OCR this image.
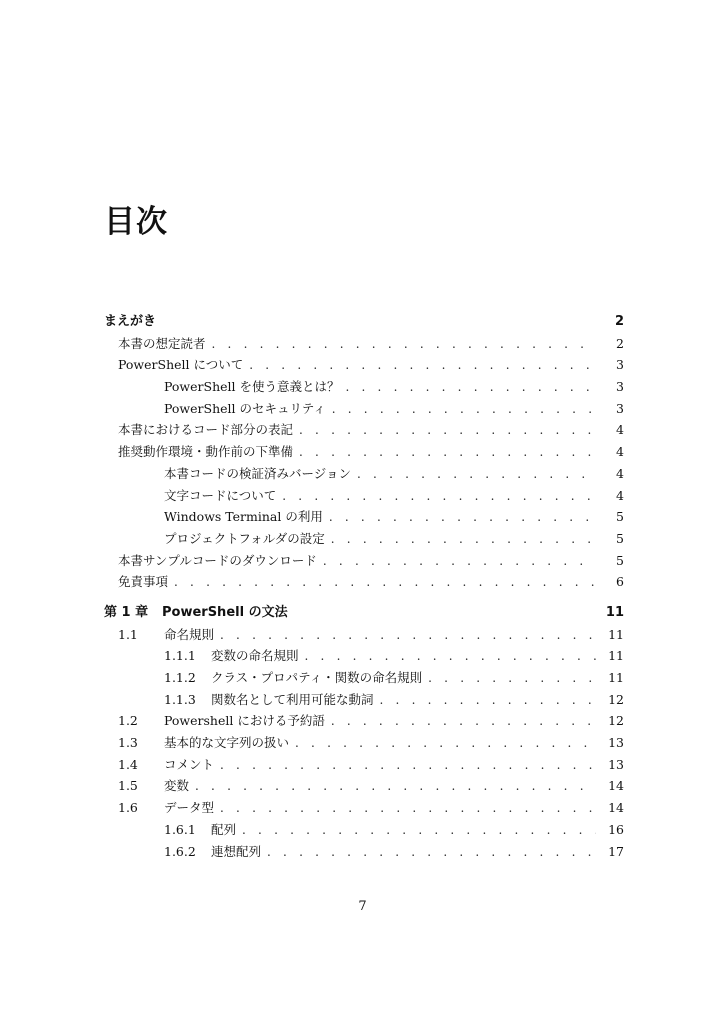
目次
まえがき	2
本書の想定読者 . . .	2
PowerShell について . . .	3
PowerShell を使う意義とは？ . . .	3
PowerShell のセキュリティ . . .	3
本書におけるコード部分の表記 . . .	4
推奨動作環境・動作前の下準備 . . .	4
本書コードの検証済みバージョン . . .	4
文字コードについて . . .	4
Windows Terminal の利用 . . .	5
プロジェクトフォルダの設定 . . .	5
本書サンプルコードのダウンロード . . .	5
免責事項 . . .	6
第 1 章	PowerShell の文法	11
1.1	命名規則 . . .	11
1.1.1	変数の命名規則 . . .	11
1.1.2	クラス・プロパティ・関数の命名規則 . . .	11
1.1.3	関数名として利用可能な動詞 . . .	12
1.2	Powershell における予約語 . . .	12
1.3	基本的な文字列の扱い . . .	13
1.4	コメント . . .	13
1.5	変数 . . .	14
1.6	データ型 . . .	14
1.6.1	配列 . . .	16
1.6.2	連想配列 . . .	17
7
